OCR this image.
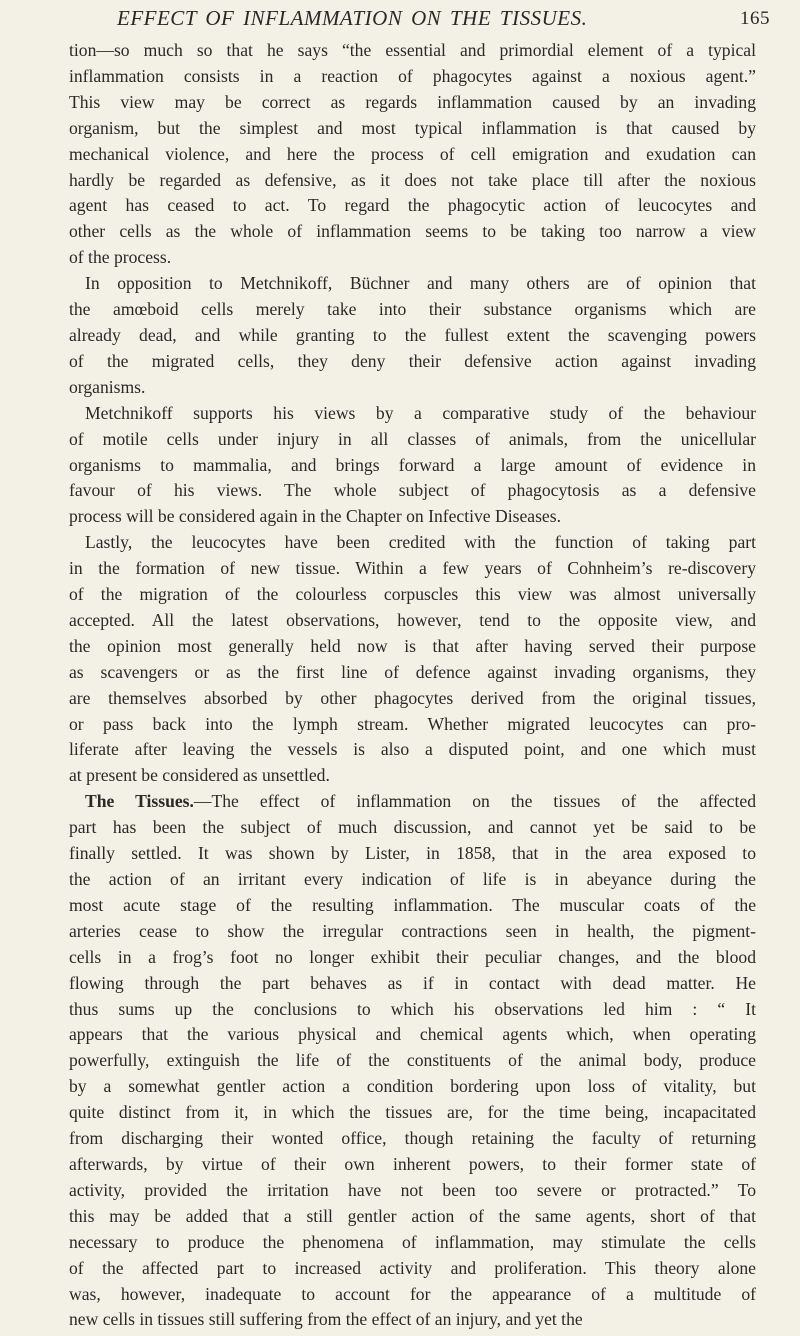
EFFECT OF INFLAMMATION ON THE TISSUES.	165
tion—so much so that he says “the essential and primordial element of a typical
inflammation consists in a reaction of phagocytes against a noxious agent.”
This view may be correct as regards inflammation caused by an invading
organism, but the simplest and most typical inflammation is that caused by
mechanical violence, and here the process of cell emigration and exudation can
hardly be regarded as defensive, as it does not take place till after the noxious
agent has ceased to act. To regard the phagocytic action of leucocytes and
other cells as the whole of inflammation seems to be taking too narrow a view
of the process.
In opposition to Metchnikoff, Büchner and many others are of opinion that
the amœboid cells merely take into their substance organisms which are
already dead, and while granting to the fullest extent the scavenging powers
of the migrated cells, they deny their defensive action against invading
organisms.
Metchnikoff supports his views by a comparative study of the behaviour
of motile cells under injury in all classes of animals, from the unicellular
organisms to mammalia, and brings forward a large amount of evidence in
favour of his views. The whole subject of phagocytosis as a defensive
process will be considered again in the Chapter on Infective Diseases.
Lastly, the leucocytes have been credited with the function of taking part
in the formation of new tissue. Within a few years of Cohnheim’s re-discovery
of the migration of the colourless corpuscles this view was almost universally
accepted. All the latest observations, however, tend to the opposite view, and
the opinion most generally held now is that after having served their purpose
as scavengers or as the first line of defence against invading organisms, they
are themselves absorbed by other phagocytes derived from the original tissues,
or pass back into the lymph stream. Whether migrated leucocytes can pro-
liferate after leaving the vessels is also a disputed point, and one which must
at present be considered as unsettled.
The Tissues.—The effect of inflammation on the tissues of the affected
part has been the subject of much discussion, and cannot yet be said to be
finally settled. It was shown by Lister, in 1858, that in the area exposed to
the action of an irritant every indication of life is in abeyance during the
most acute stage of the resulting inflammation. The muscular coats of the
arteries cease to show the irregular contractions seen in health, the pigment-
cells in a frog’s foot no longer exhibit their peculiar changes, and the blood
flowing through the part behaves as if in contact with dead matter. He
thus sums up the conclusions to which his observations led him : “ It
appears that the various physical and chemical agents which, when operating
powerfully, extinguish the life of the constituents of the animal body, produce
by a somewhat gentler action a condition bordering upon loss of vitality, but
quite distinct from it, in which the tissues are, for the time being, incapacitated
from discharging their wonted office, though retaining the faculty of returning
afterwards, by virtue of their own inherent powers, to their former state of
activity, provided the irritation have not been too severe or protracted.” To
this may be added that a still gentler action of the same agents, short of that
necessary to produce the phenomena of inflammation, may stimulate the cells
of the affected part to increased activity and proliferation. This theory alone
was, however, inadequate to account for the appearance of a multitude of
new cells in tissues still suffering from the effect of an injury, and yet the
